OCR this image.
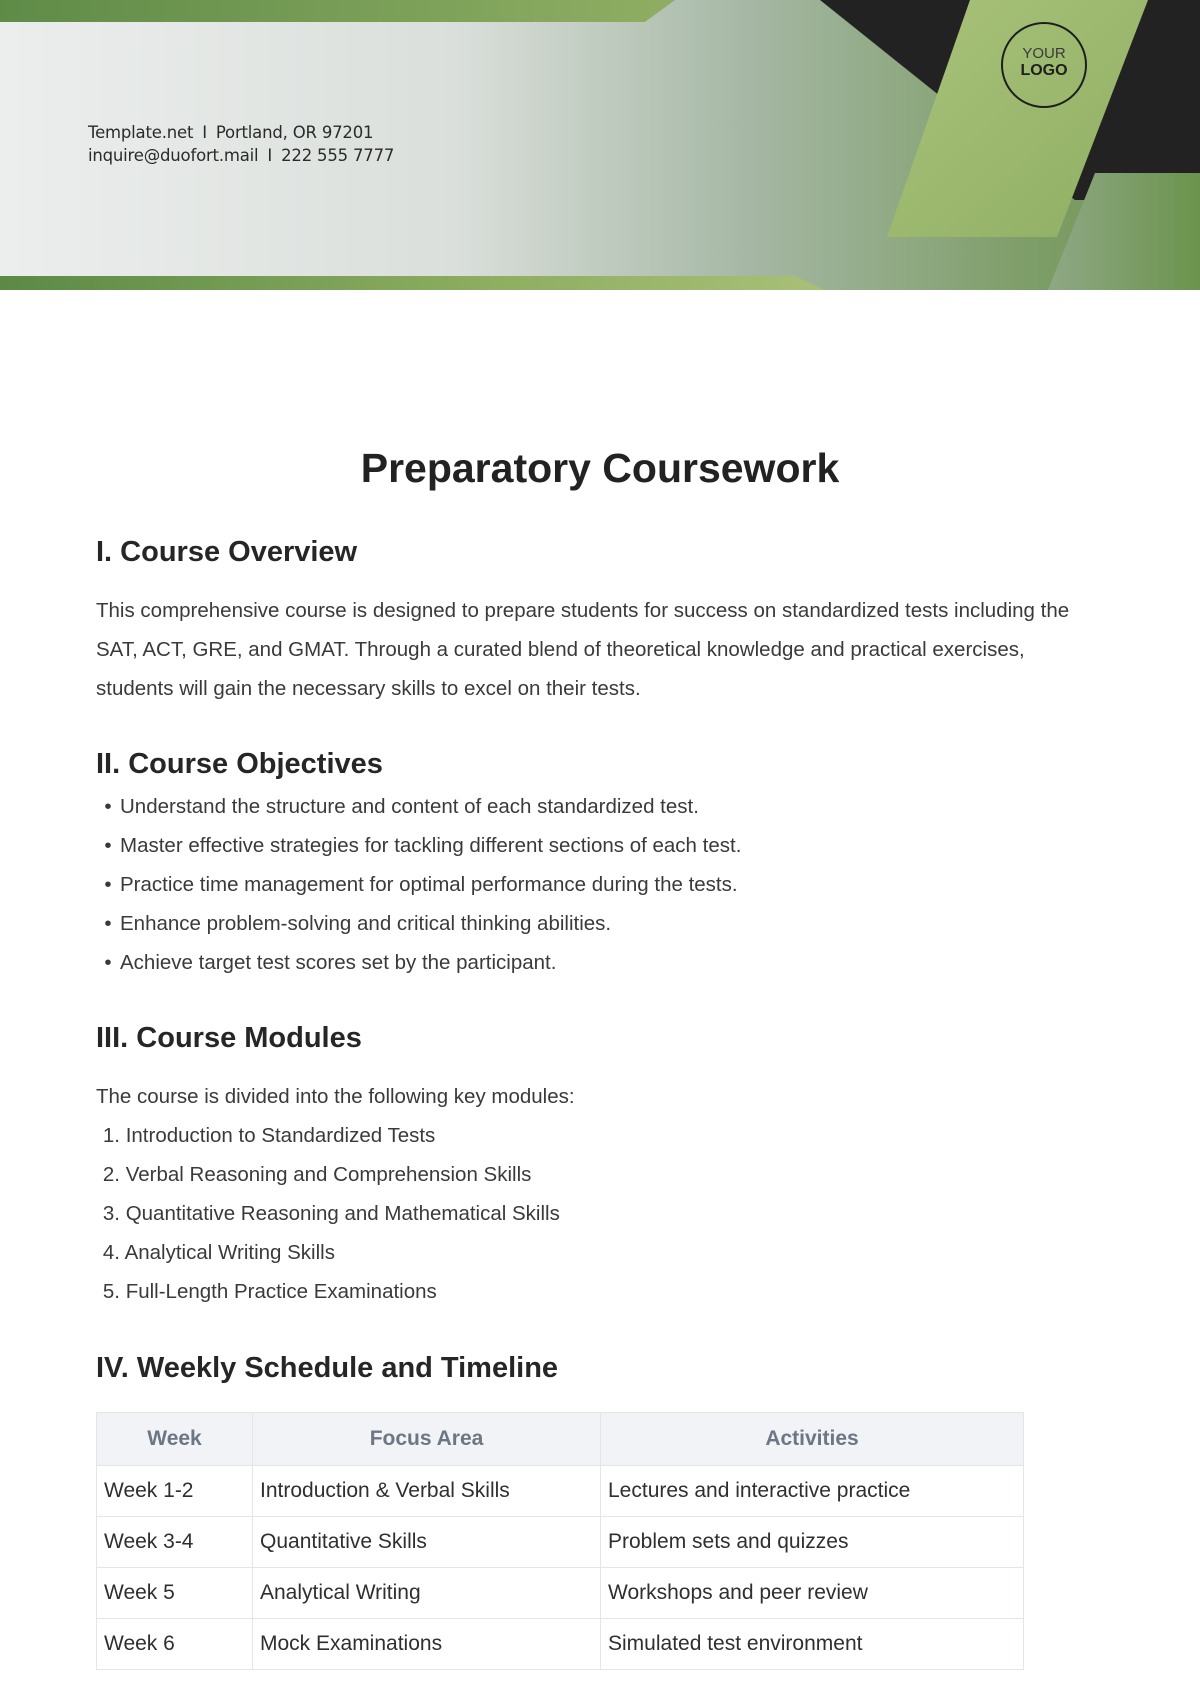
Template.net I Portland, OR 97201
inquire@duofort.mail I 222 555 7777
YOUR
LOGO
Preparatory Coursework
I. Course Overview

This comprehensive course is designed to prepare students for success on standardized tests including the SAT, ACT, GRE, and GMAT. Through a curated blend of theoretical knowledge and practical exercises, students will gain the necessary skills to excel on their tests.

II. Course Objectives
• Understand the structure and content of each standardized test.
• Master effective strategies for tackling different sections of each test.
• Practice time management for optimal performance during the tests.
• Enhance problem-solving and critical thinking abilities.
• Achieve target test scores set by the participant.
III. Course Modules

The course is divided into the following key modules:

1. Introduction to Standardized Tests
2. Verbal Reasoning and Comprehension Skills
3. Quantitative Reasoning and Mathematical Skills
4. Analytical Writing Skills
5. Full-Length Practice Examinations
IV. Weekly Schedule and Timeline
Week	Focus Area	Activities
Week 1-2	Introduction & Verbal Skills	Lectures and interactive practice
Week 3-4	Quantitative Skills	Problem sets and quizzes
Week 5	Analytical Writing	Workshops and peer review
Week 6	Mock Examinations	Simulated test environment
